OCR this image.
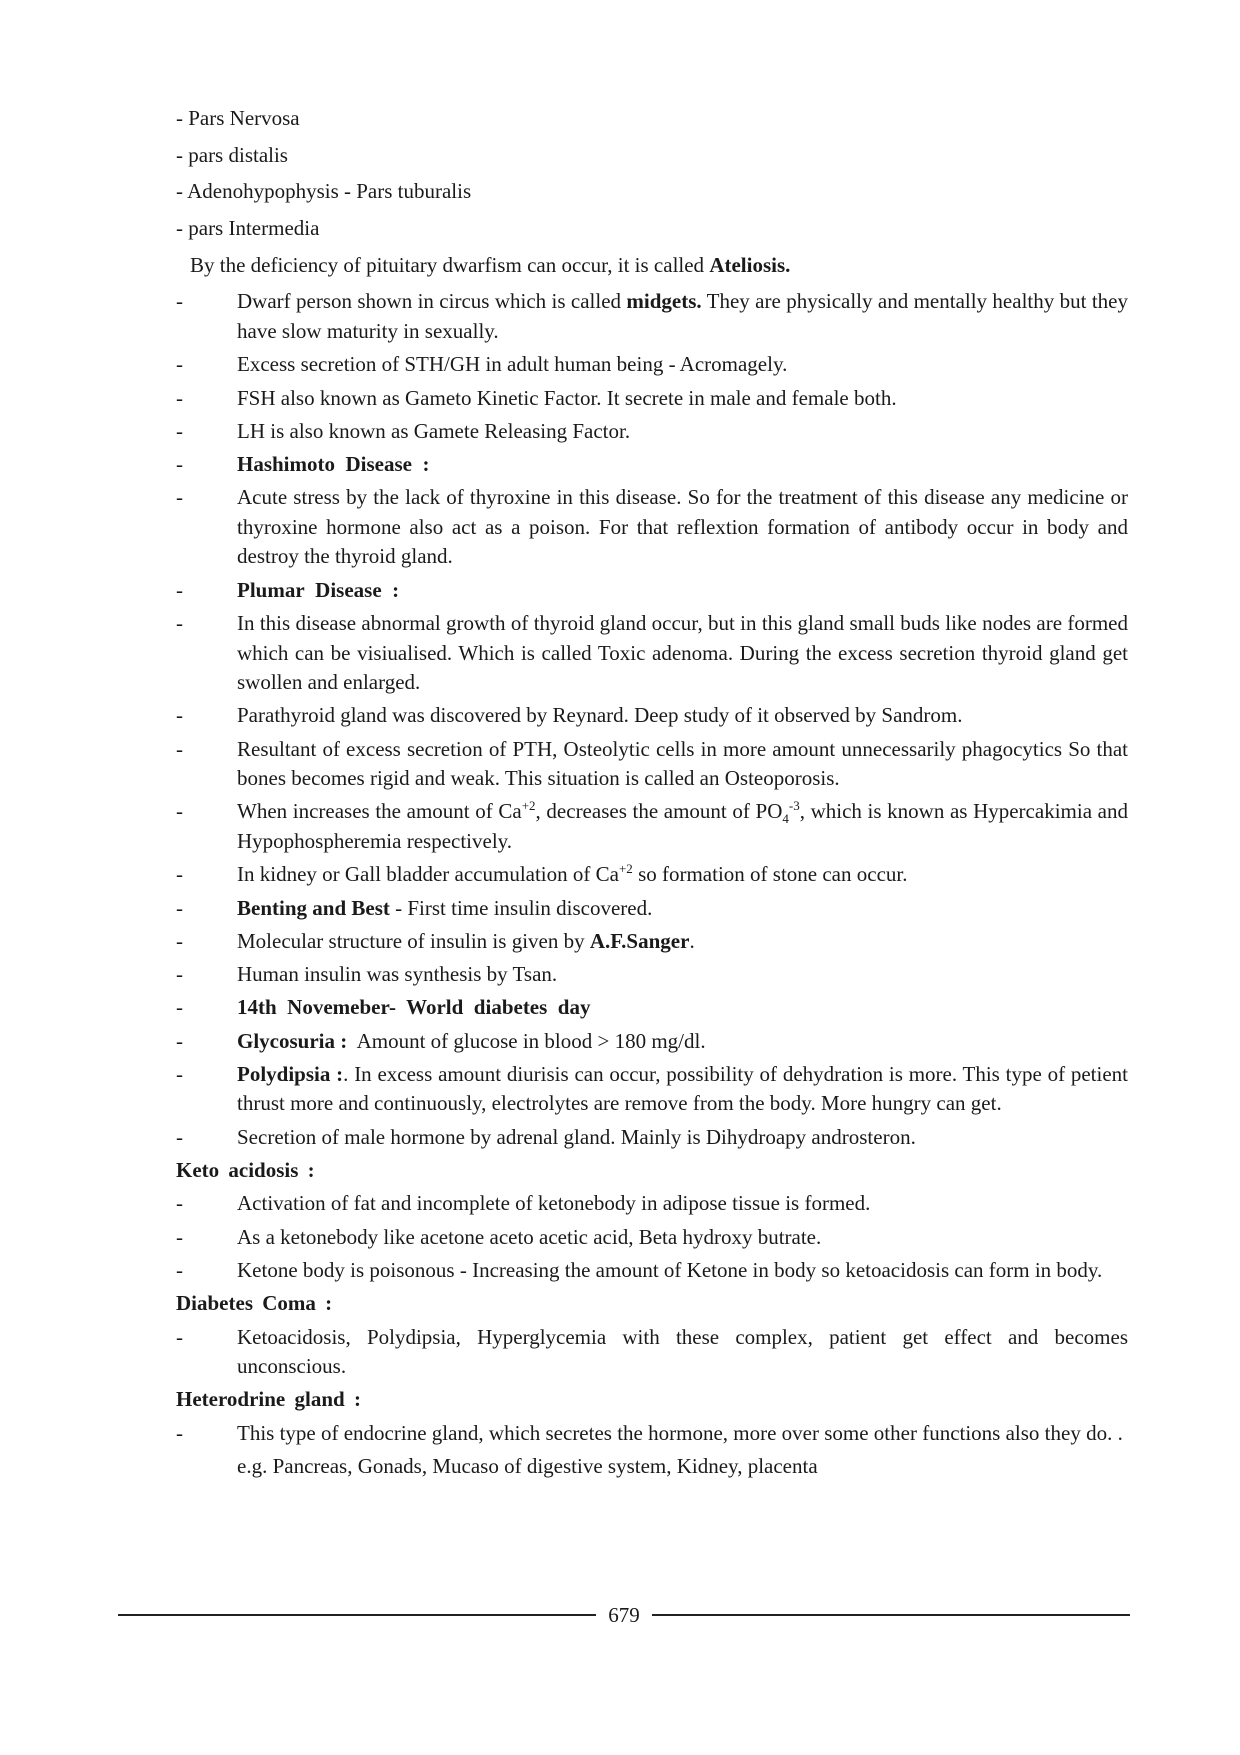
- Pars Nervosa
- pars distalis
- Adenohypophysis - Pars tuburalis
- pars Intermedia
By the deficiency of pituitary dwarfism can occur, it is called Ateliosis.
-	Dwarf person shown in circus which is called midgets. They are physically and mentally healthy but they have slow maturity in sexually.
-	Excess secretion of STH/GH in adult human being - Acromagely.
-	FSH also known as Gameto Kinetic Factor. It secrete in male and female both.
-	LH is also known as Gamete Releasing Factor.
-	Hashimoto  Disease  :
-	Acute stress by the lack of thyroxine in this disease. So for the treatment of this disease any medicine or thyroxine hormone also act as a poison. For that reflextion formation of antibody occur in body and destroy the thyroid gland.
-	Plumar  Disease  :
-	In this disease abnormal growth of thyroid gland occur, but in this gland small buds like nodes are formed which can be visiualised. Which is called Toxic adenoma. During the excess secretion thyroid gland get swollen and enlarged.
-	Parathyroid gland was discovered by Reynard. Deep study of it observed by Sandrom.
-	Resultant of excess secretion of PTH, Osteolytic cells in more amount unnecessarily phagocytics So that bones becomes rigid and weak. This situation is called an Osteoporosis.
-	When increases the amount of $Ca^{+2}$, decreases the amount of $PO_4^{-3}$, which is known as Hypercakimia and Hypophospheremia respectively.
-	In kidney or Gall bladder accumulation of $Ca^{+2}$ so formation of stone can occur.
-	Benting and Best - First time insulin discovered.
-	Molecular structure of insulin is given by A.F.Sanger.
-	Human insulin was synthesis by Tsan.
-	14th  Novemeber-  World  diabetes  day
-	Glycosuria :  Amount of glucose in blood > 180 mg/dl.
-	Polydipsia :. In excess amount diurisis can occur, possibility of dehydration is more. This type of petient thrust more and continuously, electrolytes are remove from the body. More hungry can get.
-	Secretion of male hormone by adrenal gland. Mainly is Dihydroapy androsteron.
Keto acidosis :
-	Activation of fat and incomplete of ketonebody in adipose tissue is formed.
-	As a ketonebody like acetone aceto acetic acid, Beta hydroxy butrate.
-	Ketone body is poisonous - Increasing the amount of Ketone in body so ketoacidosis can form in body.
Diabetes Coma :
-	Ketoacidosis, Polydipsia, Hyperglycemia with these complex, patient get effect and becomes unconscious.
Heterodrine gland :
-	This type of endocrine gland, which secretes the hormone, more over some other functions also they do. .
e.g. Pancreas, Gonads, Mucaso of digestive system, Kidney, placenta
679
